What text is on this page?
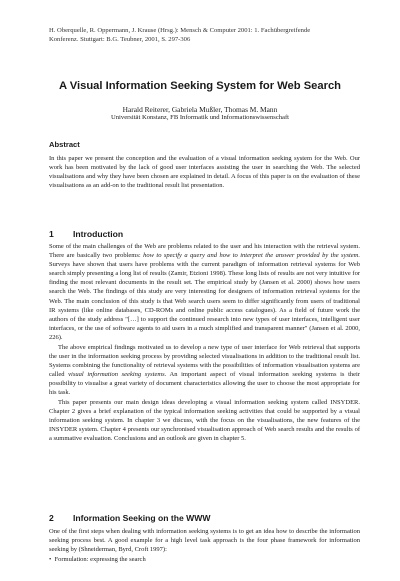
H. Oberquelle, R. Oppermann, J. Krause (Hrsg.): Mensch & Computer 2001: 1. Fachübergreifende
Konferenz. Stuttgart: B.G. Teubner, 2001, S. 297-306
A Visual Information Seeking System for Web Search
Harald Reiterer, Gabriela Mußler, Thomas M. Mann
Universität Konstanz, FB Informatik und Informationswissenschaft
Abstract

In this paper we present the conception and the evaluation of a visual information seeking system for the Web. Our work has been motivated by the lack of good user interfaces assisting the user in searching the Web. The selected visualisations and why they have been chosen are explained in detail. A focus of this paper is on the evaluation of these visualisations as an add-on to the traditional result list presentation.

1 Introduction

Some of the main challenges of the Web are problems related to the user and his interaction with the retrieval system. There are basically two problems: how to specify a query and how to interpret the answer provided by the system. Surveys have shown that users have problems with the current paradigm of information retrieval systems for Web search simply presenting a long list of results (Zamir, Etzioni 1998). These long lists of results are not very intuitive for finding the most relevant documents in the result set. The empirical study by (Jansen et al. 2000) shows how users search the Web. The findings of this study are very interesting for designers of information retrieval systems for the Web. The main conclusion of this study is that Web search users seem to differ significantly from users of traditional IR systems (like online databases, CD-ROMs and online public access catalogues). As a field of future work the authors of the study address "[…] to support the continued research into new types of user interfaces, intelligent user interfaces, or the use of software agents to aid users in a much simplified and transparent manner" (Jansen et al. 2000, 226).

The above empirical findings motivated us to develop a new type of user interface for Web retrieval that supports the user in the information seeking process by providing selected visualisations in addition to the traditional result list. Systems combining the functionality of retrieval systems with the possibilities of information visualisation systems are called visual information seeking systems. An important aspect of visual information seeking systems is their possibility to visualise a great variety of document characteristics allowing the user to choose the most appropriate for his task.

This paper presents our main design ideas developing a visual information seeking system called INSYDER. Chapter 2 gives a brief explanation of the typical information seeking activities that could be supported by a visual information seeking system. In chapter 3 we discuss, with the focus on the visualisations, the new features of the INSYDER system. Chapter 4 presents our synchronised visualisation approach of Web search results and the results of a summative evaluation. Conclusions and an outlook are given in chapter 5.

2 Information Seeking on the WWW

One of the first steps when dealing with information seeking systems is to get an idea how to describe the information seeking process best. A good example for a high level task approach is the four phase framework for information seeking by (Shneiderman, Byrd, Croft 1997):

•  Formulation: expressing the search
